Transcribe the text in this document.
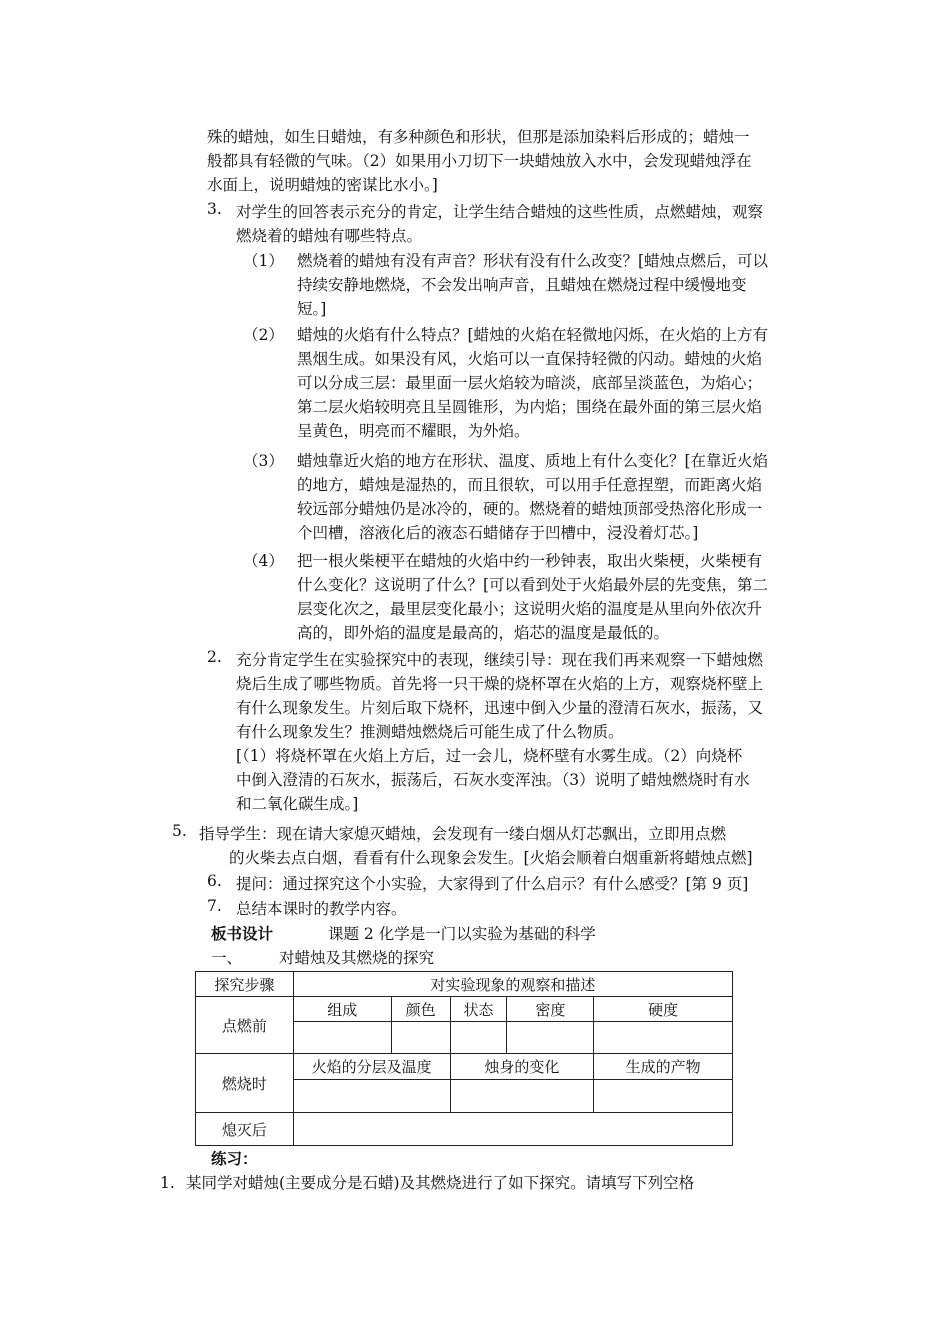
殊的蜡烛，如生日蜡烛，有多种颜色和形状，但那是添加染料后形成的；蜡烛一
般都具有轻微的气味。（2）如果用小刀切下一块蜡烛放入水中，会发现蜡烛浮在
水面上，说明蜡烛的密谋比水小。]
3. 对学生的回答表示充分的肯定，让学生结合蜡烛的这些性质，点燃蜡烛，观察
燃烧着的蜡烛有哪些特点。
（1） 燃烧着的蜡烛有没有声音？形状有没有什么改变？[蜡烛点燃后，可以
持续安静地燃烧，不会发出响声音，且蜡烛在燃烧过程中缓慢地变
短。]
（2） 蜡烛的火焰有什么特点？[蜡烛的火焰在轻微地闪烁，在火焰的上方有
黑烟生成。如果没有风，火焰可以一直保持轻微的闪动。蜡烛的火焰
可以分成三层：最里面一层火焰较为暗淡，底部呈淡蓝色，为焰心；
第二层火焰较明亮且呈圆锥形，为内焰；围绕在最外面的第三层火焰
呈黄色，明亮而不耀眼，为外焰。
（3） 蜡烛靠近火焰的地方在形状、温度、质地上有什么变化？[在靠近火焰
的地方，蜡烛是湿热的，而且很软，可以用手任意捏塑，而距离火焰
较远部分蜡烛仍是冰冷的，硬的。燃烧着的蜡烛顶部受热溶化形成一
个凹槽，溶液化后的液态石蜡储存于凹槽中，浸没着灯芯。]
（4） 把一根火柴梗平在蜡烛的火焰中约一秒钟表，取出火柴梗，火柴梗有
什么变化？这说明了什么？[可以看到处于火焰最外层的先变焦，第二
层变化次之，最里层变化最小；这说明火焰的温度是从里向外依次升
高的，即外焰的温度是最高的，焰芯的温度是最低的。
2. 充分肯定学生在实验探究中的表现，继续引导：现在我们再来观察一下蜡烛燃
烧后生成了哪些物质。首先将一只干燥的烧杯罩在火焰的上方，观察烧杯壁上
有什么现象发生。片刻后取下烧杯，迅速中倒入少量的澄清石灰水，振荡，又
有什么现象发生？推测蜡烛燃烧后可能生成了什么物质。
[（1）将烧杯罩在火焰上方后，过一会儿，烧杯壁有水雾生成。（2）向烧杯
中倒入澄清的石灰水，振荡后，石灰水变浑浊。（3）说明了蜡烛燃烧时有水
和二氧化碳生成。]
5. 指导学生：现在请大家熄灭蜡烛，会发现有一缕白烟从灯芯飘出，立即用点燃
的火柴去点白烟，看看有什么现象会发生。[火焰会顺着白烟重新将蜡烛点燃]
6. 提问：通过探究这个小实验，大家得到了什么启示？有什么感受？[第 9 页]
7. 总结本课时的教学内容。
板书设计	课题 2 化学是一门以实验为基础的科学
一、 对蜡烛及其燃烧的探究
探究步骤	对实验现象的观察和描述				
点燃前	组成	颜色	状态	密度	硬度

燃烧时	火焰的分层及温度		烛身的变化		生成的产物

熄灭后					
练习：
1. 某同学对蜡烛(主要成分是石蜡)及其燃烧进行了如下探究。请填写下列空格
